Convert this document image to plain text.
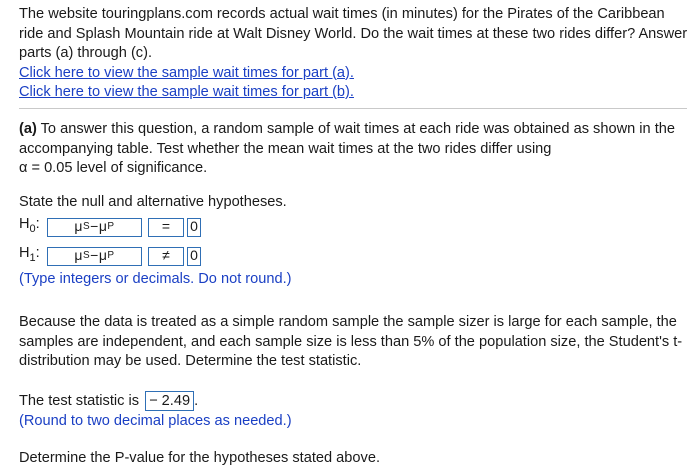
The website touringplans.com records actual wait times (in minutes) for the Pirates of the Caribbean ride and Splash Mountain ride at Walt Disney World. Do the wait times at these two rides differ? Answer parts (a) through (c).

Click here to view the sample wait times for part (a).
Click here to view the sample wait times for part (b).

(a) To answer this question, a random sample of wait times at each ride was obtained as shown in the accompanying table. Test whether the mean wait times at the two rides differ using

α = 0.05 level of significance.

State the null and alternative hypotheses.

$H_0$:	μ S − μ P	=	0
$H_1$:	μ S − μ P	≠	0

(Type integers or decimals. Do not round.)

Because the data is treated as a simple random sample the sample sizer is large for each sample, the samples are independent, and each sample size is less than 5% of the population size, the Student's t-distribution may be used. Determine the test statistic.

The test statistic is − 2.49 .

(Round to two decimal places as needed.)

Determine the P-value for the hypotheses stated above.
